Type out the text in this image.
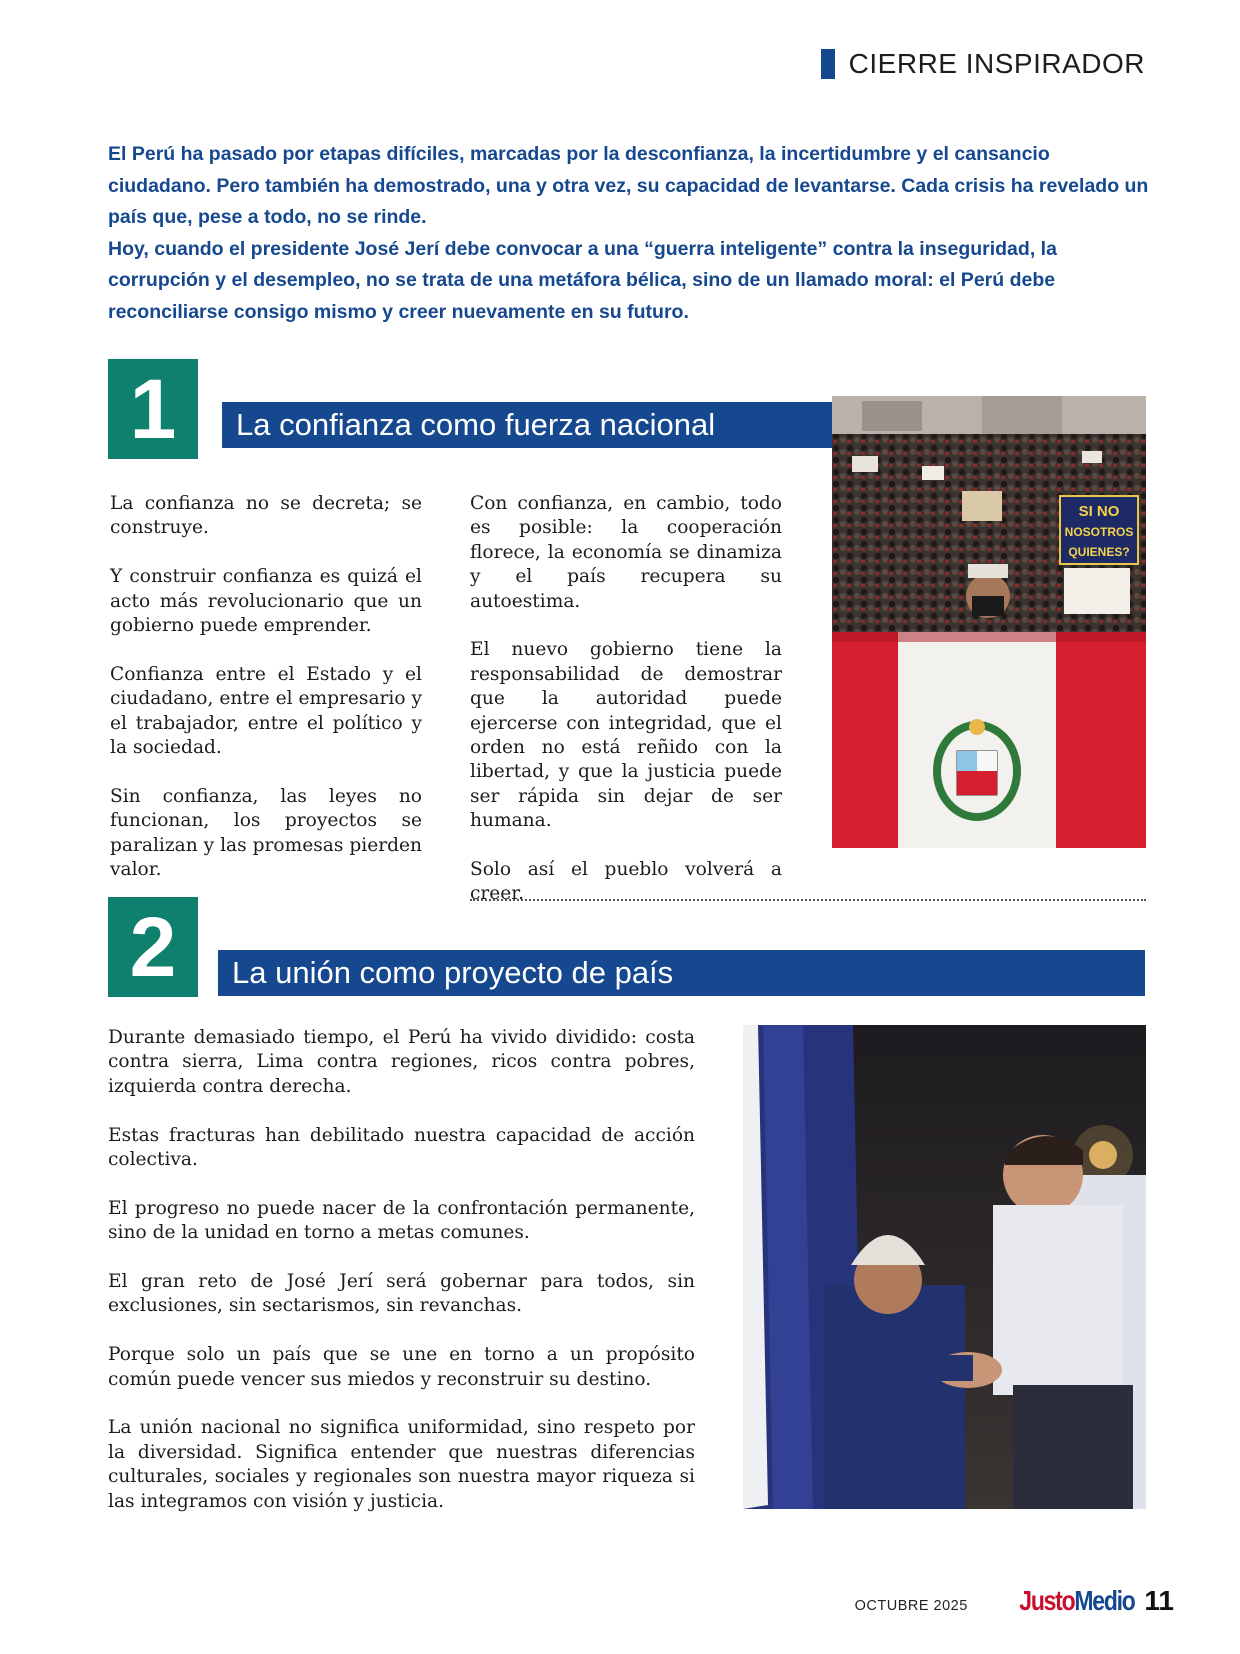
CIERRE INSPIRADOR

El Perú ha pasado por etapas difíciles, marcadas por la desconfianza, la incertidumbre y el cansancio ciudadano. Pero también ha demostrado, una y otra vez, su capacidad de levantarse. Cada crisis ha revelado un país que, pese a todo, no se rinde.

Hoy, cuando el presidente José Jerí debe convocar a una “guerra inteligente” contra la inseguridad, la corrupción y el desempleo, no se trata de una metáfora bélica, sino de un llamado moral: el Perú debe reconciliarse consigo mismo y creer nuevamente en su futuro.

1	La confianza como fuerza nacional

La confianza no se decreta; se construye.

Y construir confianza es quizá el acto más revolucionario que un gobierno puede emprender.

Confianza entre el Estado y el ciudadano, entre el empresario y el trabajador, entre el político y la sociedad.

Sin confianza, las leyes no funcionan, los proyectos se paralizan y las promesas pierden valor.

Con confianza, en cambio, todo es posible: la cooperación florece, la economía se dinamiza y el país recupera su autoestima.

El nuevo gobierno tiene la responsabilidad de demostrar que la autoridad puede ejercerse con integridad, que el orden no está reñido con la libertad, y que la justicia puede ser rápida sin dejar de ser humana.

Solo así el pueblo volverá a creer.

SI NO
NOSOTROS
QUIENES?
2	La unión como proyecto de país

Durante demasiado tiempo, el Perú ha vivido dividido: costa contra sierra, Lima contra regiones, ricos contra pobres, izquierda contra derecha.

Estas fracturas han debilitado nuestra capacidad de acción colectiva.

El progreso no puede nacer de la confrontación permanente, sino de la unidad en torno a metas comunes.

El gran reto de José Jerí será gobernar para todos, sin exclusiones, sin sectarismos, sin revanchas.

Porque solo un país que se une en torno a un propósito común puede vencer sus miedos y reconstruir su destino.

La unión nacional no significa uniformidad, sino respeto por la diversidad. Significa entender que nuestras diferencias culturales, sociales y regionales son nuestra mayor riqueza si las integramos con visión y justicia.

OCTUBRE 2025 JustoMedio 11
